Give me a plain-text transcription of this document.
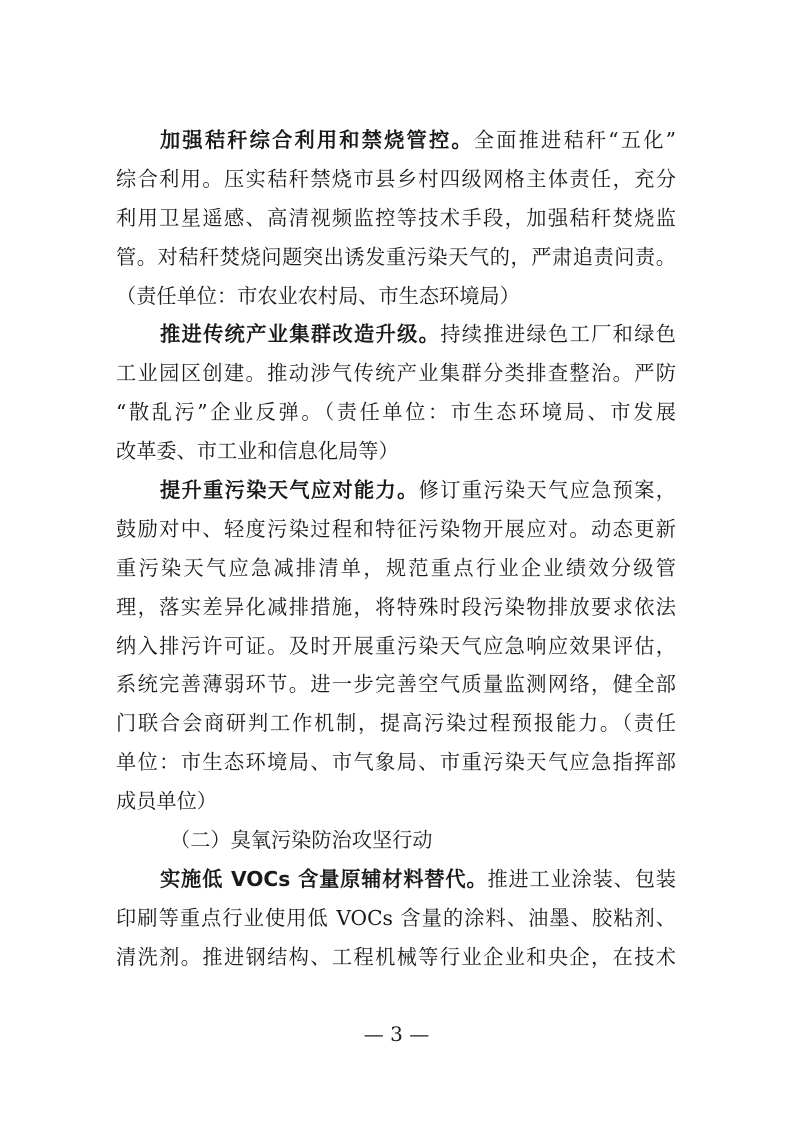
加强秸秆综合利用和禁烧管控。全面推进秸秆“五化”
综合利用。压实秸秆禁烧市县乡村四级网格主体责任，充分
利用卫星遥感、高清视频监控等技术手段，加强秸秆焚烧监
管。对秸秆焚烧问题突出诱发重污染天气的，严肃追责问责。
（责任单位：市农业农村局、市生态环境局）
推进传统产业集群改造升级。持续推进绿色工厂和绿色
工业园区创建。推动涉气传统产业集群分类排查整治。严防
“散乱污”企业反弹。（责任单位：市生态环境局、市发展
改革委、市工业和信息化局等）
提升重污染天气应对能力。修订重污染天气应急预案，
鼓励对中、轻度污染过程和特征污染物开展应对。动态更新
重污染天气应急减排清单，规范重点行业企业绩效分级管
理，落实差异化减排措施，将特殊时段污染物排放要求依法
纳入排污许可证。及时开展重污染天气应急响应效果评估，
系统完善薄弱环节。进一步完善空气质量监测网络，健全部
门联合会商研判工作机制，提高污染过程预报能力。（责任
单位：市生态环境局、市气象局、市重污染天气应急指挥部
成员单位）
（二）臭氧污染防治攻坚行动
实施低 VOCs 含量原辅材料替代。推进工业涂装、包装
印刷等重点行业使用低 VOCs 含量的涂料、油墨、胶粘剂、
清洗剂。推进钢结构、工程机械等行业企业和央企，在技术
— 3 —
